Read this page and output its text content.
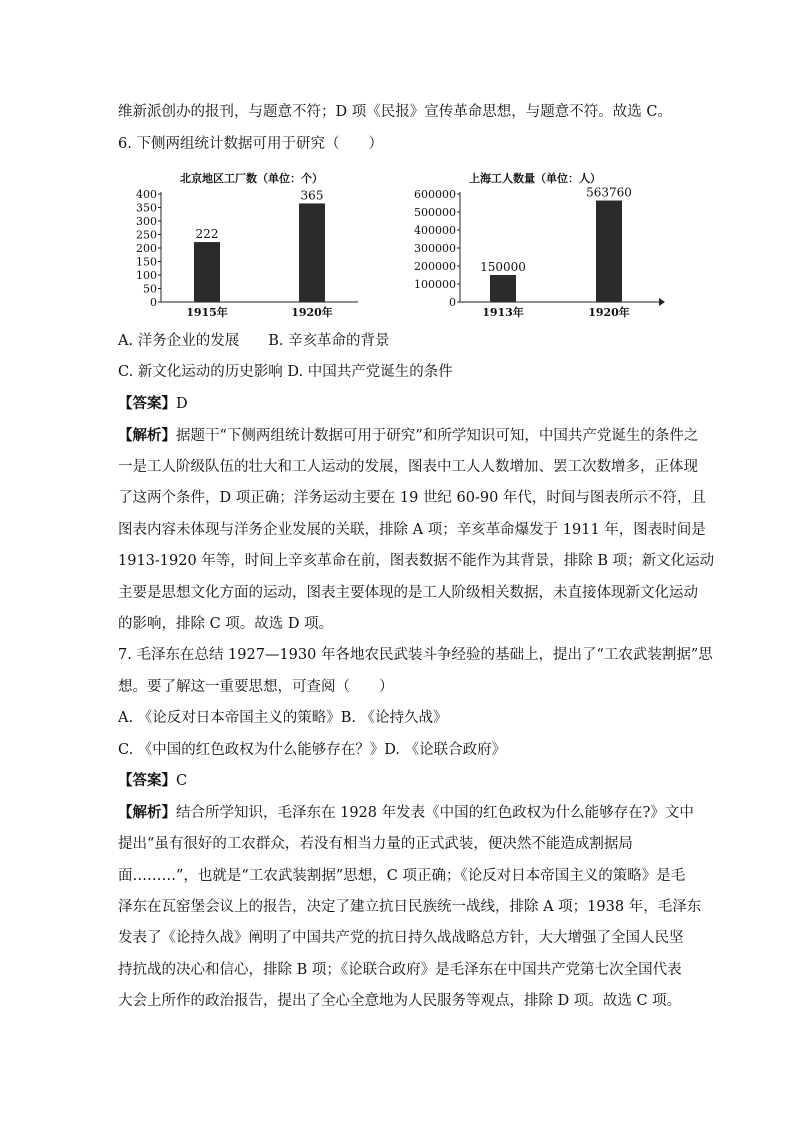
维新派创办的报刊，与题意不符；D 项《民报》宣传革命思想，与题意不符。故选 C。
6. 下侧两组统计数据可用于研究（　　）
北京地区工厂数（单位：个）
0
50
100
150
200
250
300
350
400
222
1915年
365
1920年
上海工人数量（单位：人）
0
100000
200000
300000
400000
500000
600000
150000
1913年
563760
1920年
A. 洋务企业的发展　　B. 辛亥革命的背景
C. 新文化运动的历史影响 D. 中国共产党诞生的条件
【答案】D
【解析】据题干“下侧两组统计数据可用于研究”和所学知识可知，中国共产党诞生的条件之
一是工人阶级队伍的壮大和工人运动的发展，图表中工人人数增加、罢工次数增多，正体现
了这两个条件，D 项正确；洋务运动主要在 19 世纪 60-90 年代，时间与图表所示不符，且
图表内容未体现与洋务企业发展的关联，排除 A 项；辛亥革命爆发于 1911 年，图表时间是
1913-1920 年等，时间上辛亥革命在前，图表数据不能作为其背景，排除 B 项；新文化运动
主要是思想文化方面的运动，图表主要体现的是工人阶级相关数据，未直接体现新文化运动
的影响，排除 C 项。故选 D 项。
7. 毛泽东在总结 1927—1930 年各地农民武装斗争经验的基础上，提出了“工农武装割据”思
想。要了解这一重要思想，可查阅（　　）
A. 《论反对日本帝国主义的策略》B. 《论持久战》
C. 《中国的红色政权为什么能够存在？》D. 《论联合政府》
【答案】C
【解析】结合所学知识，毛泽东在 1928 年发表《中国的红色政权为什么能够存在?》文中
提出“虽有很好的工农群众，若没有相当力量的正式武装，便决然不能造成割据局
面………”，也就是“工农武装割据”思想，C 项正确；《论反对日本帝国主义的策略》是毛
泽东在瓦窑堡会议上的报告，决定了建立抗日民族统一战线，排除 A 项；1938 年，毛泽东
发表了《论持久战》阐明了中国共产党的抗日持久战战略总方针，大大增强了全国人民坚
持抗战的决心和信心，排除 B 项；《论联合政府》是毛泽东在中国共产党第七次全国代表
大会上所作的政治报告，提出了全心全意地为人民服务等观点，排除 D 项。故选 C 项。
